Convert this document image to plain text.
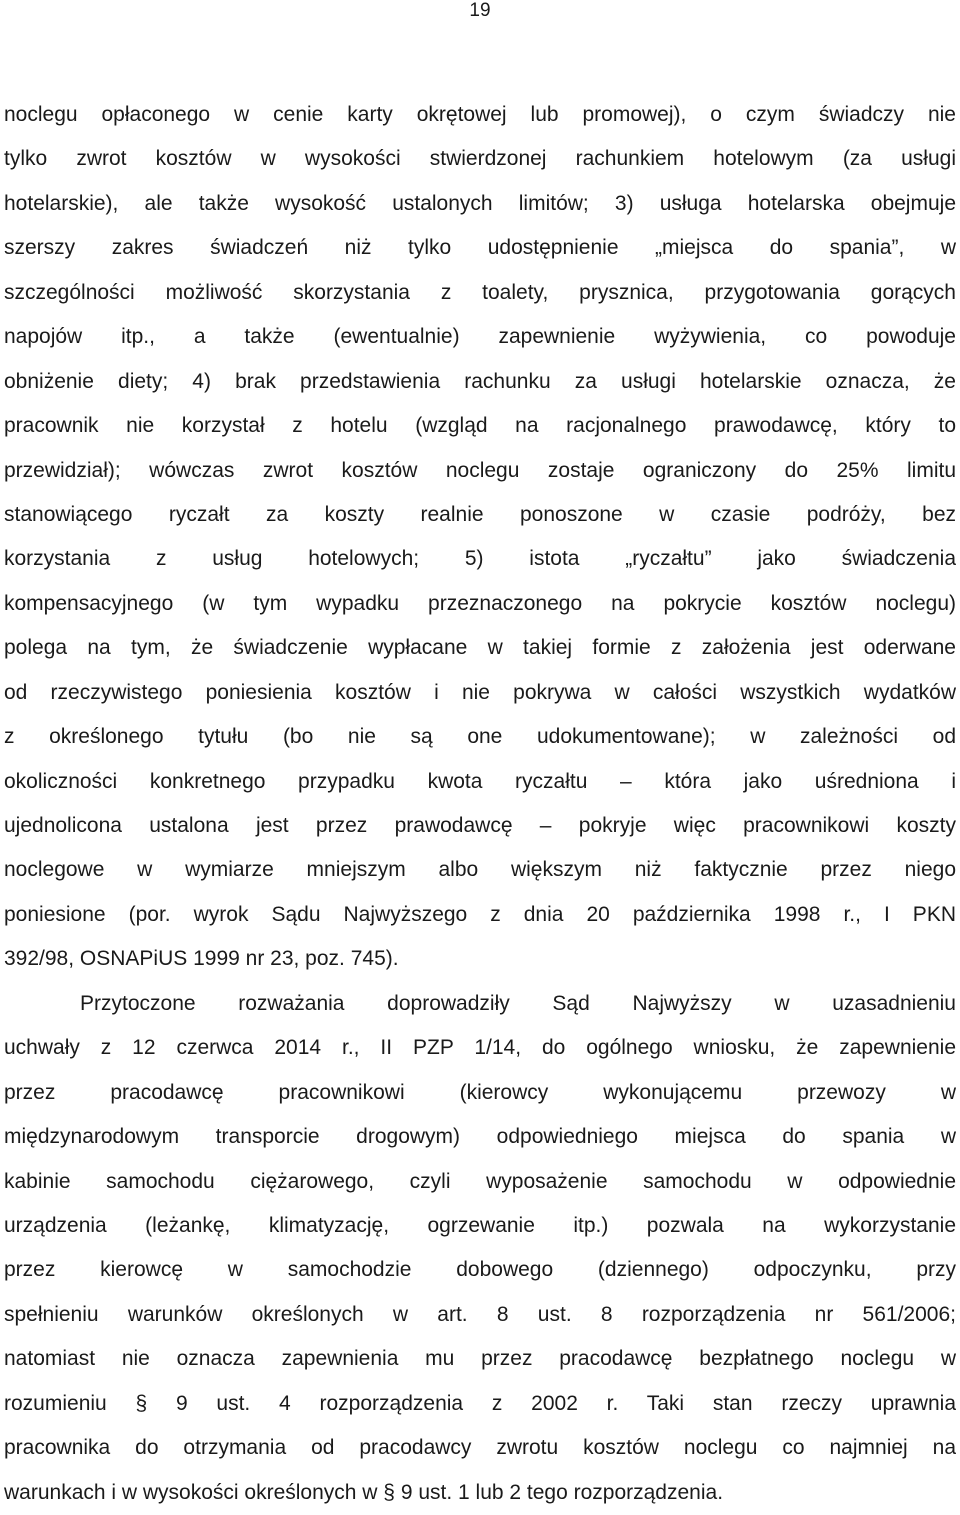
19
noclegu opłaconego w cenie karty okrętowej lub promowej), o czym świadczy nie
tylko zwrot kosztów w wysokości stwierdzonej rachunkiem hotelowym (za usługi
hotelarskie), ale także wysokość ustalonych limitów; 3) usługa hotelarska obejmuje
szerszy zakres świadczeń niż tylko udostępnienie „miejsca do spania”, w
szczególności możliwość skorzystania z toalety, prysznica, przygotowania gorących
napojów itp., a także (ewentualnie) zapewnienie wyżywienia, co powoduje
obniżenie diety; 4) brak przedstawienia rachunku za usługi hotelarskie oznacza, że
pracownik nie korzystał z hotelu (wzgląd na racjonalnego prawodawcę, który to
przewidział); wówczas zwrot kosztów noclegu zostaje ograniczony do 25% limitu
stanowiącego ryczałt za koszty realnie ponoszone w czasie podróży, bez
korzystania z usług hotelowych; 5) istota „ryczałtu” jako świadczenia
kompensacyjnego (w tym wypadku przeznaczonego na pokrycie kosztów noclegu)
polega na tym, że świadczenie wypłacane w takiej formie z założenia jest oderwane
od rzeczywistego poniesienia kosztów i nie pokrywa w całości wszystkich wydatków
z określonego tytułu (bo nie są one udokumentowane); w zależności od
okoliczności konkretnego przypadku kwota ryczałtu – która jako uśredniona i
ujednolicona ustalona jest przez prawodawcę – pokryje więc pracownikowi koszty
noclegowe w wymiarze mniejszym albo większym niż faktycznie przez niego
poniesione (por. wyrok Sądu Najwyższego z dnia 20 października 1998 r., I PKN
392/98, OSNAPiUS 1999 nr 23, poz. 745).
Przytoczone rozważania doprowadziły Sąd Najwyższy w uzasadnieniu
uchwały z 12 czerwca 2014 r., II PZP 1/14, do ogólnego wniosku, że zapewnienie
przez pracodawcę pracownikowi (kierowcy wykonującemu przewozy w
międzynarodowym transporcie drogowym) odpowiedniego miejsca do spania w
kabinie samochodu ciężarowego, czyli wyposażenie samochodu w odpowiednie
urządzenia (leżankę, klimatyzację, ogrzewanie itp.) pozwala na wykorzystanie
przez kierowcę w samochodzie dobowego (dziennego) odpoczynku, przy
spełnieniu warunków określonych w art. 8 ust. 8 rozporządzenia nr 561/2006;
natomiast nie oznacza zapewnienia mu przez pracodawcę bezpłatnego noclegu w
rozumieniu § 9 ust. 4 rozporządzenia z 2002 r. Taki stan rzeczy uprawnia
pracownika do otrzymania od pracodawcy zwrotu kosztów noclegu co najmniej na
warunkach i w wysokości określonych w § 9 ust. 1 lub 2 tego rozporządzenia.
